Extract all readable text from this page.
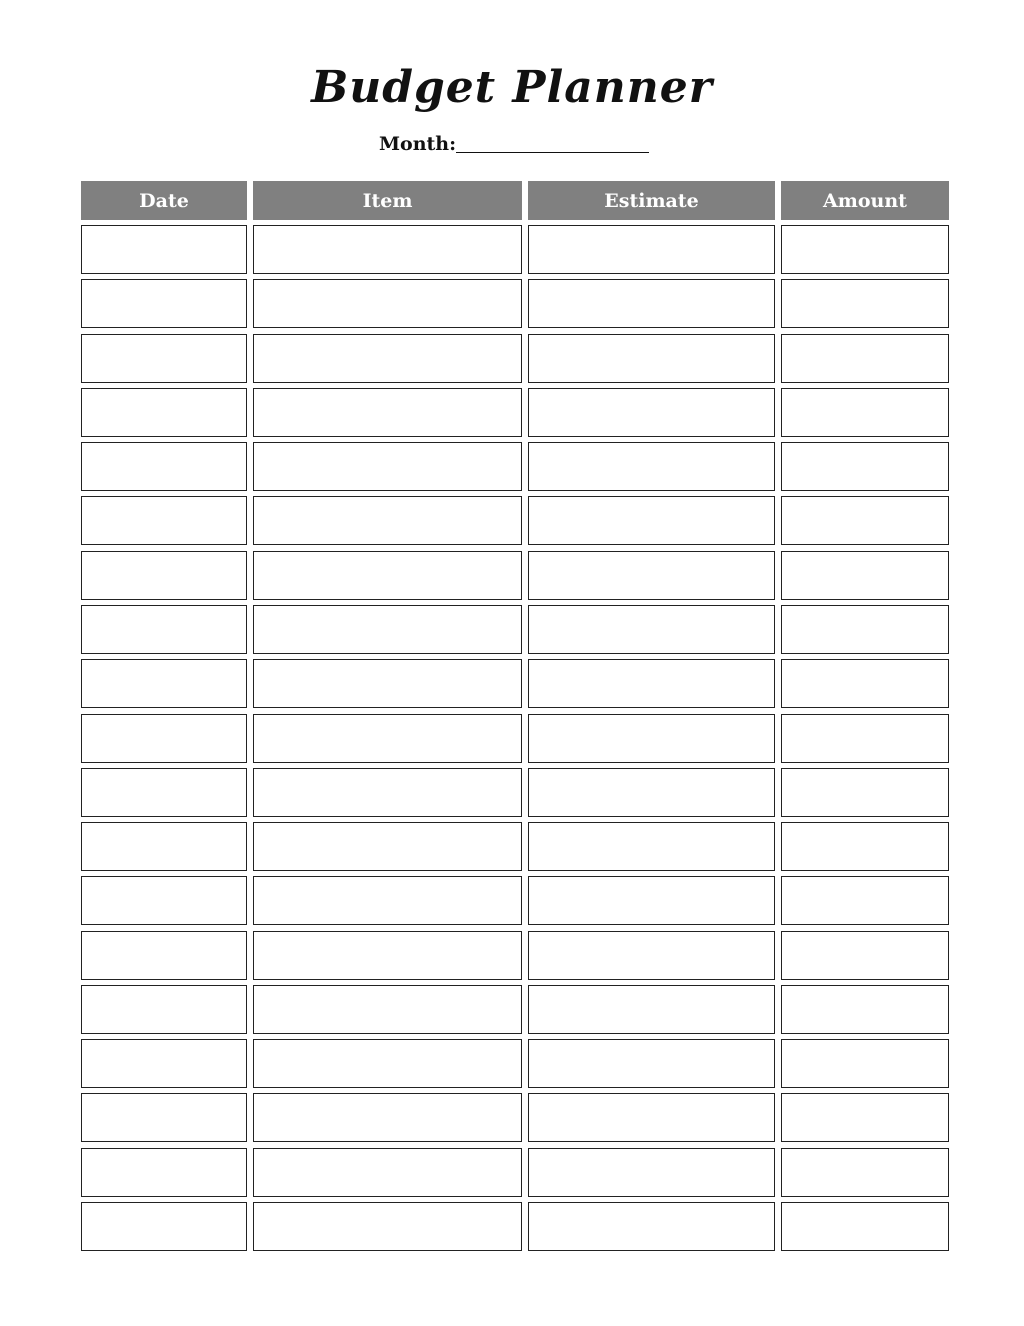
Budget Planner
Month:
Date	Item	Estimate	Amount
